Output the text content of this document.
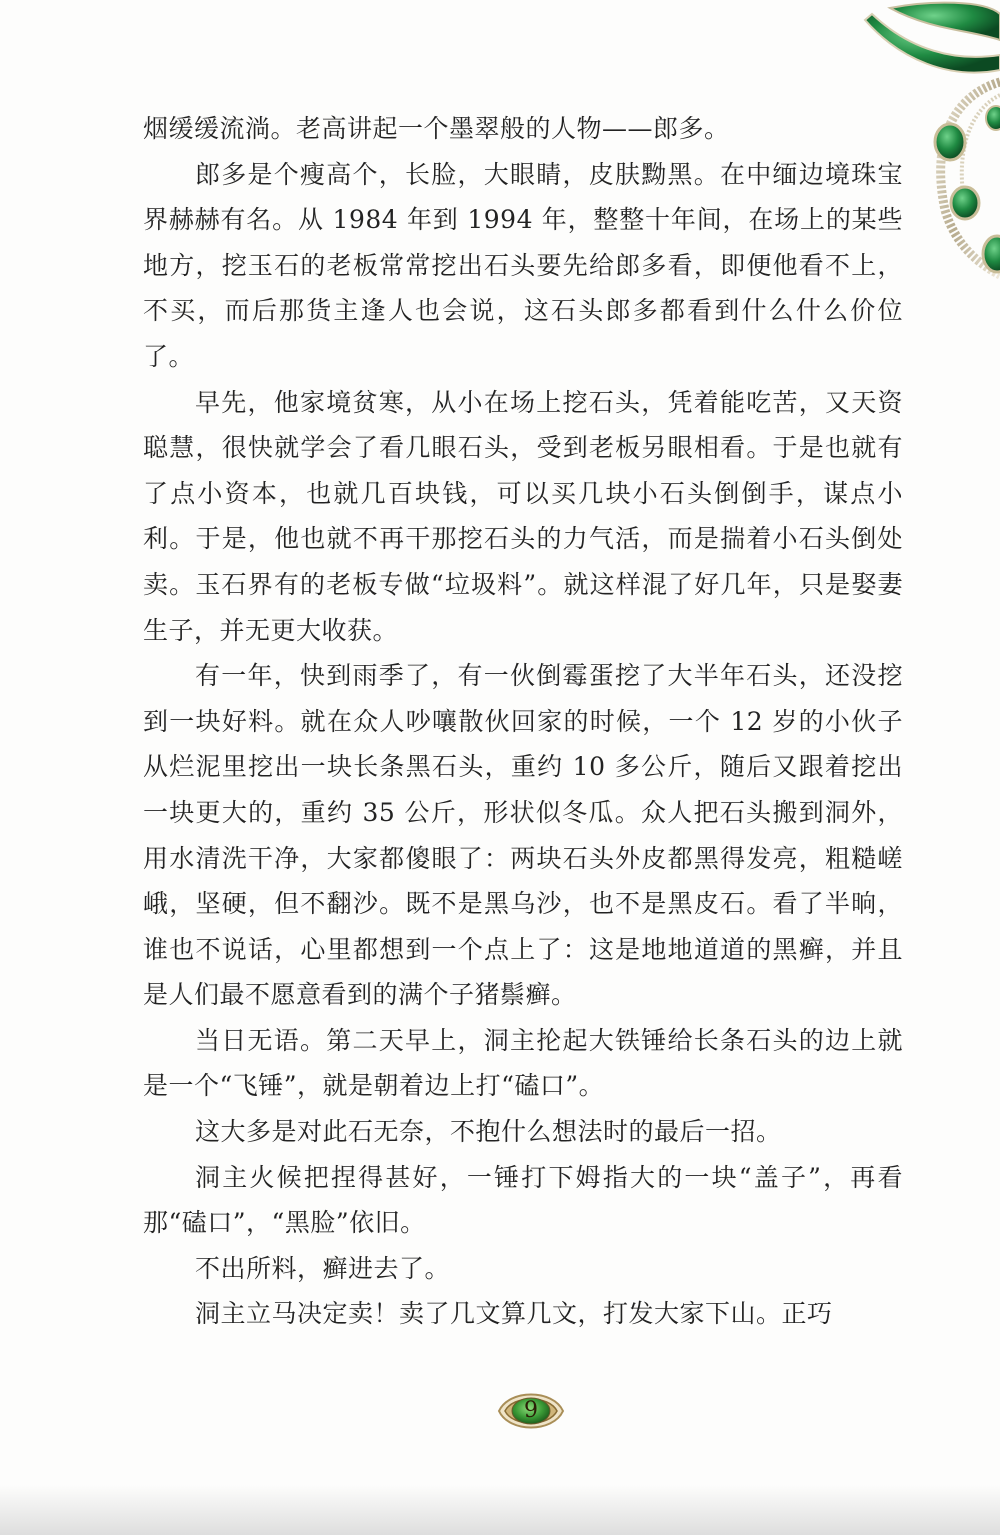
烟缓缓流淌。老高讲起一个墨翠般的人物——郎多。

郎多是个瘦高个，长脸，大眼睛，皮肤黝黑。在中缅边境珠宝界赫赫有名。从 1984 年到 1994 年，整整十年间，在场上的某些地方，挖玉石的老板常常挖出石头要先给郎多看，即便他看不上，不买，而后那货主逢人也会说，这石头郎多都看到什么什么价位了。

早先，他家境贫寒，从小在场上挖石头，凭着能吃苦，又天资聪慧，很快就学会了看几眼石头，受到老板另眼相看。于是也就有了点小资本，也就几百块钱，可以买几块小石头倒倒手，谋点小利。于是，他也就不再干那挖石头的力气活，而是揣着小石头倒处卖。玉石界有的老板专做“垃圾料”。就这样混了好几年，只是娶妻生子，并无更大收获。

有一年，快到雨季了，有一伙倒霉蛋挖了大半年石头，还没挖到一块好料。就在众人吵嚷散伙回家的时候，一个 12 岁的小伙子从烂泥里挖出一块长条黑石头，重约 10 多公斤，随后又跟着挖出一块更大的，重约 35 公斤，形状似冬瓜。众人把石头搬到洞外，用水清洗干净，大家都傻眼了：两块石头外皮都黑得发亮，粗糙嵯峨，坚硬，但不翻沙。既不是黑乌沙，也不是黑皮石。看了半晌，谁也不说话，心里都想到一个点上了：这是地地道道的黑癣，并且是人们最不愿意看到的满个子猪鬃癣。

当日无语。第二天早上，洞主抡起大铁锤给长条石头的边上就是一个“飞锤”，就是朝着边上打“磕口”。

这大多是对此石无奈，不抱什么想法时的最后一招。

洞主火候把捏得甚好，一锤打下姆指大的一块“盖子”，再看那“磕口”，“黑脸”依旧。

不出所料，癣进去了。

洞主立马决定卖！卖了几文算几文，打发大家下山。正巧

9
